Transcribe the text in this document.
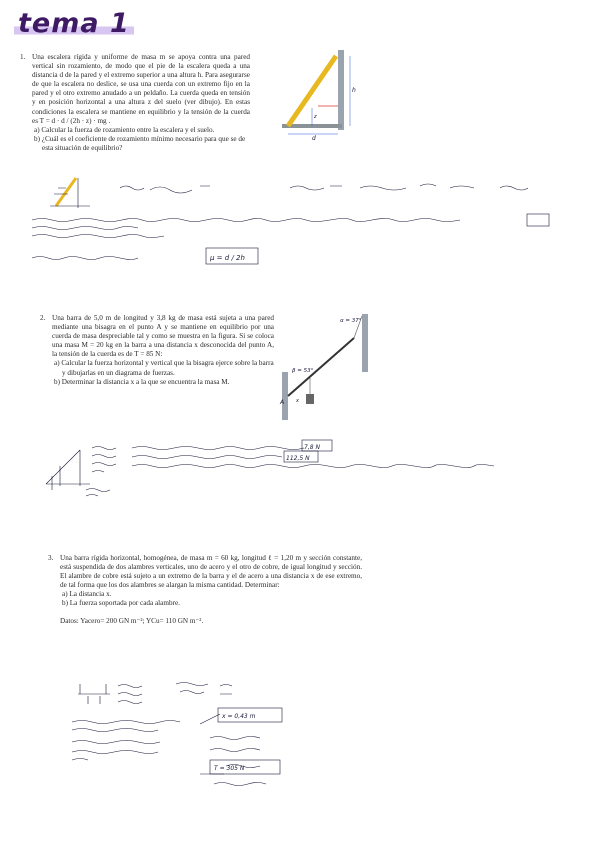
tema 1
1. Una escalera rígida y uniforme de masa m se apoya contra una pared vertical sin rozamiento, de modo que el pie de la escalera queda a una distancia d de la pared y el extremo superior a una altura h. Para asegurarse de que la escalera no deslice, se usa una cuerda con un extremo fijo en la pared y el otro extremo anudado a un peldaño. La cuerda queda en tensión y en posición horizontal a una altura z del suelo (ver dibujo). En estas condiciones la escalera se mantiene en equilibrio y la tensión de la cuerda es T = d · d / (2h · z) · mg .
a) Calcular la fuerza de rozamiento entre la escalera y el suelo.
b) ¿Cuál es el coeficiente de rozamiento mínimo necesario para que se de esta situación de equilibrio?
h
z
d
μ = d / 2h
2. Una barra de 5,0 m de longitud y 3,8 kg de masa está sujeta a una pared mediante una bisagra en el punto A y se mantiene en equilibrio por una cuerda de masa despreciable tal y como se muestra en la figura. Si se coloca una masa M = 20 kg en la barra a una distancia x desconocida del punto A, la tensión de la cuerda es de T = 85 N:
a) Calcular la fuerza horizontal y vertical que la bisagra ejerce sobre la barra y dibujarlas en un diagrama de fuerzas.
b) Determinar la distancia x a la que se encuentra la masa M.
α = 37°
β = 53°
A x
7,8 N
112,5 N
3. Una barra rígida horizontal, homogénea, de masa m = 60 kg, longitud ℓ = 1,20 m y sección constante, está suspendida de dos alambres verticales, uno de acero y el otro de cobre, de igual longitud y sección. El alambre de cobre está sujeto a un extremo de la barra y el de acero a una distancia x de ese extremo, de tal forma que los dos alambres se alargan la misma cantidad. Determinar:
a) La distancia x.
b) La fuerza soportada por cada alambre.
Datos: Yacero= 200 GN m⁻²; YCu= 110 GN m⁻².
T = 305 N
x = 0,43 m
